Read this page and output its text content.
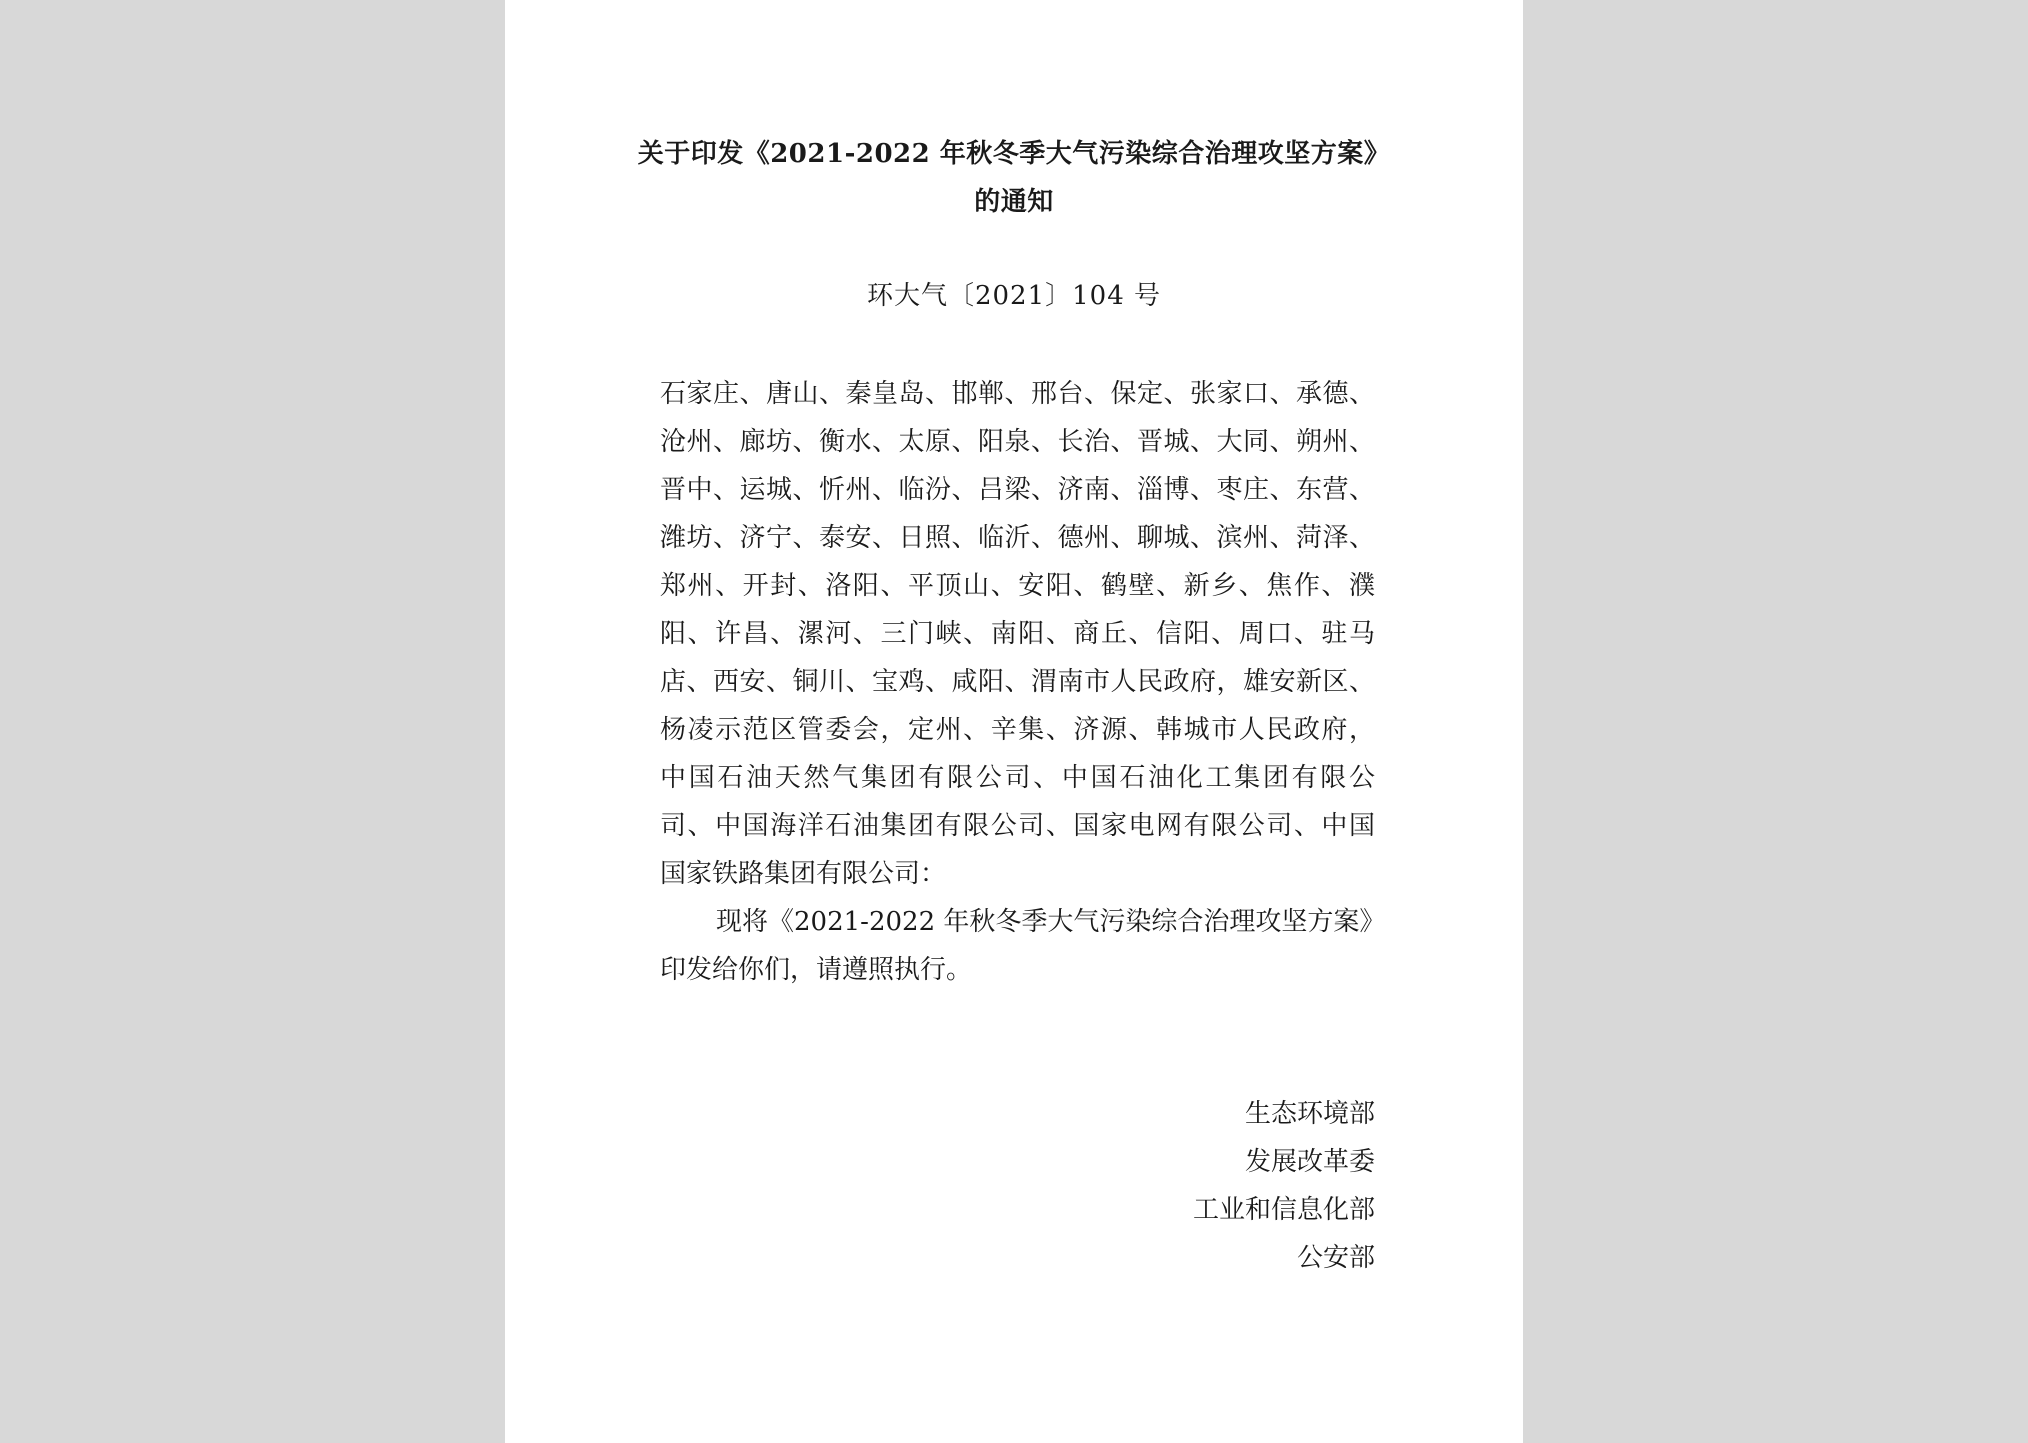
关于印发《2021-2022 年秋冬季大气污染综合治理攻坚方案》
的通知
环大气〔2021〕104 号
石家庄、唐山、秦皇岛、邯郸、邢台、保定、张家口、承德、
沧州、廊坊、衡水、太原、阳泉、长治、晋城、大同、朔州、
晋中、运城、忻州、临汾、吕梁、济南、淄博、枣庄、东营、
潍坊、济宁、泰安、日照、临沂、德州、聊城、滨州、菏泽、
郑州、开封、洛阳、平顶山、安阳、鹤壁、新乡、焦作、濮
阳、许昌、漯河、三门峡、南阳、商丘、信阳、周口、驻马
店、西安、铜川、宝鸡、咸阳、渭南市人民政府，雄安新区、
杨凌示范区管委会，定州、辛集、济源、韩城市人民政府，
中国石油天然气集团有限公司、中国石油化工集团有限公
司、中国海洋石油集团有限公司、国家电网有限公司、中国
国家铁路集团有限公司：
现将《2021-2022 年秋冬季大气污染综合治理攻坚方案》
印发给你们，请遵照执行。
生态环境部
发展改革委
工业和信息化部
公安部
